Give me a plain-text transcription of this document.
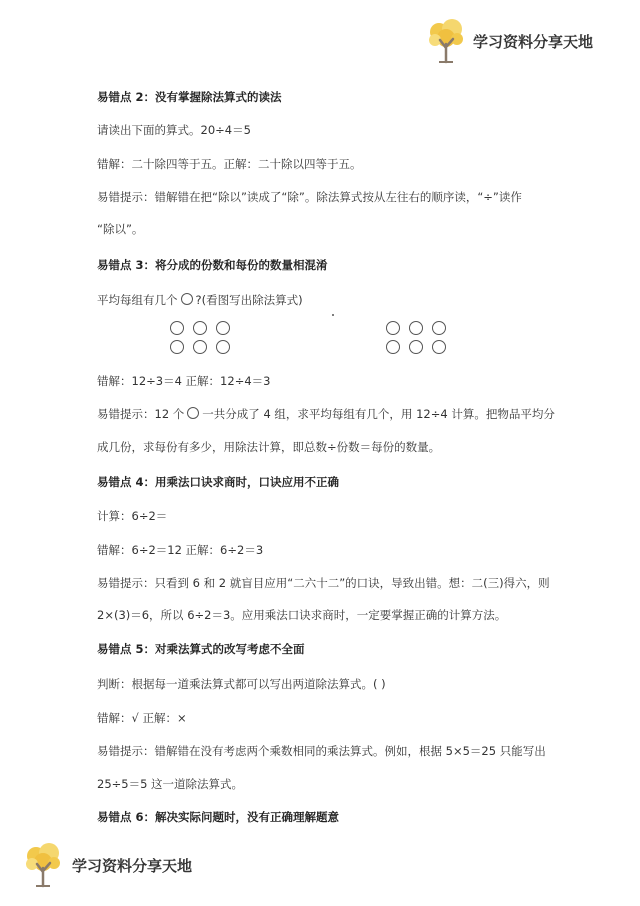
学习资料分享天地
易错点 2：没有掌握除法算式的读法
请读出下面的算式。20÷4＝5
错解：二十除四等于五。正解：二十除以四等于五。
易错提示：错解错在把“除以”读成了“除”。除法算式按从左往右的顺序读，“÷”读作
“除以”。
易错点 3：将分成的份数和每份的数量相混淆
平均每组有几个 ?(看图写出除法算式)
错解：12÷3＝4 正解：12÷4＝3
易错提示：12 个 一共分成了 4 组，求平均每组有几个，用 12÷4 计算。把物品平均分
成几份，求每份有多少，用除法计算，即总数÷份数＝每份的数量。
易错点 4：用乘法口诀求商时，口诀应用不正确
计算：6÷2＝
错解：6÷2＝12 正解：6÷2＝3
易错提示：只看到 6 和 2 就盲目应用“二六十二”的口诀，导致出错。想：二(三)得六，则
2×(3)＝6，所以 6÷2＝3。应用乘法口诀求商时，一定要掌握正确的计算方法。
易错点 5：对乘法算式的改写考虑不全面
判断：根据每一道乘法算式都可以写出两道除法算式。( )
错解：√ 正解：×
易错提示：错解错在没有考虑两个乘数相同的乘法算式。例如，根据 5×5＝25 只能写出
25÷5＝5 这一道除法算式。
易错点 6：解决实际问题时，没有正确理解题意
学习资料分享天地
